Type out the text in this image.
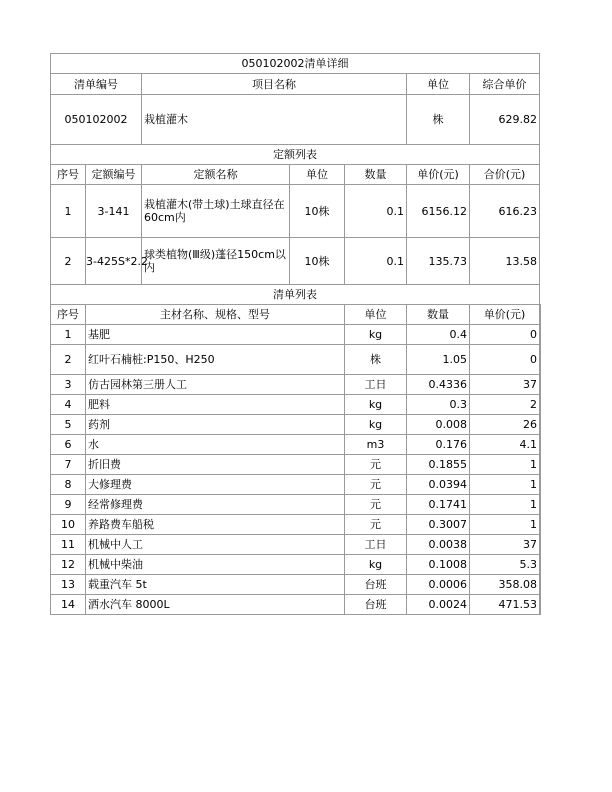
050102002清单详细							
清单编号		项目名称			单位	综合单价	
050102002		栽植灌木			株	629.82	
定额列表							
序号	定额编号	定额名称	单位	数量	单价(元)	合价(元)	
1	3-141	栽植灌木(带土球)土球直径在60cm内	10株	0.1	6156.12	616.23	
2	3-425S*2.2	球类植物(Ⅲ级)蓬径150cm以内	10株	0.1	135.73	13.58	
清单列表							
序号	主材名称、规格、型号			单位	数量	单价(元)	
1	基肥			kg	0.4	0	
2	红叶石楠桩:P150、H250			株	1.05	0	
3	仿古园林第三册人工			工日	0.4336	37	
4	肥料			kg	0.3	2	
5	药剂			kg	0.008	26	
6	水			m3	0.176	4.1	
7	折旧费			元	0.1855	1	
8	大修理费			元	0.0394	1	
9	经常修理费			元	0.1741	1	
10	养路费车船税			元	0.3007	1	
11	机械中人工			工日	0.0038	37	
12	机械中柴油			kg	0.1008	5.3	
13	载重汽车 5t			台班	0.0006	358.08	
14	洒水汽车 8000L			台班	0.0024	471.53	
